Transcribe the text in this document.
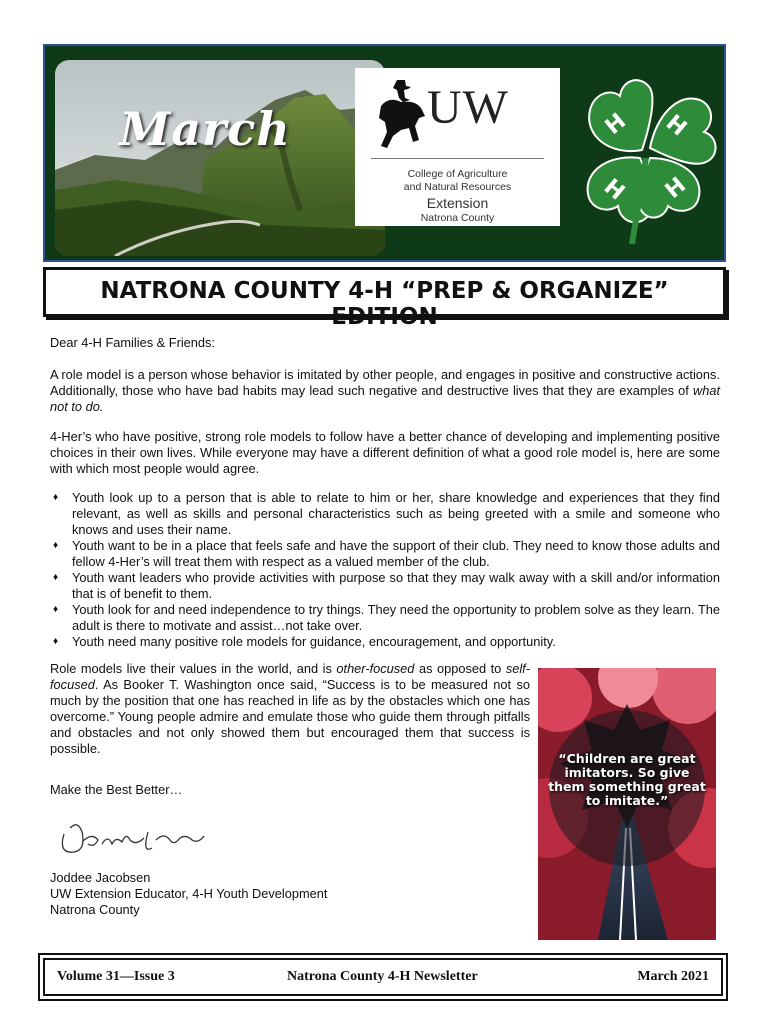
March	UW
College of Agriculture
and Natural Resources
Extension
Natrona County
H H
H H
NATRONA COUNTY 4-H “PREP & ORGANIZE” EDITION
Dear 4-H Families & Friends:
A role model is a person whose behavior is imitated by other people, and engages in positive and constructive actions. Additionally, those who have bad habits may lead such negative and destructive lives that they are examples of what not to do.
4-Her’s who have positive, strong role models to follow have a better chance of developing and implementing positive choices in their own lives. While everyone may have a different definition of what a good role model is, here are some with which most people would agree.
♦ Youth look up to a person that is able to relate to him or her, share knowledge and experiences that they find relevant, as well as skills and personal characteristics such as being greeted with a smile and someone who knows and uses their name.
♦ Youth want to be in a place that feels safe and have the support of their club. They need to know those adults and fellow 4-Her’s will treat them with respect as a valued member of the club.
♦ Youth want leaders who provide activities with purpose so that they may walk away with a skill and/or information that is of benefit to them.
♦ Youth look for and need independence to try things. They need the opportunity to problem solve as they learn. The adult is there to motivate and assist…not take over.
♦ Youth need many positive role models for guidance, encouragement, and opportunity.
Role models live their values in the world, and is other-focused as opposed to self-focused. As Booker T. Washington once said, “Success is to be measured not so much by the position that one has reached in life as by the obstacles which one has overcome.” Young people admire and emulate those who guide them through pitfalls and obstacles and not only showed them but encouraged them that success is possible.
Make the Best Better…
Joddee Jacobsen
UW Extension Educator, 4-H Youth Development
Natrona County
“Children are great imitators. So give them something great to imitate.”
Volume 31—Issue 3	Natrona County 4-H Newsletter	March 2021
